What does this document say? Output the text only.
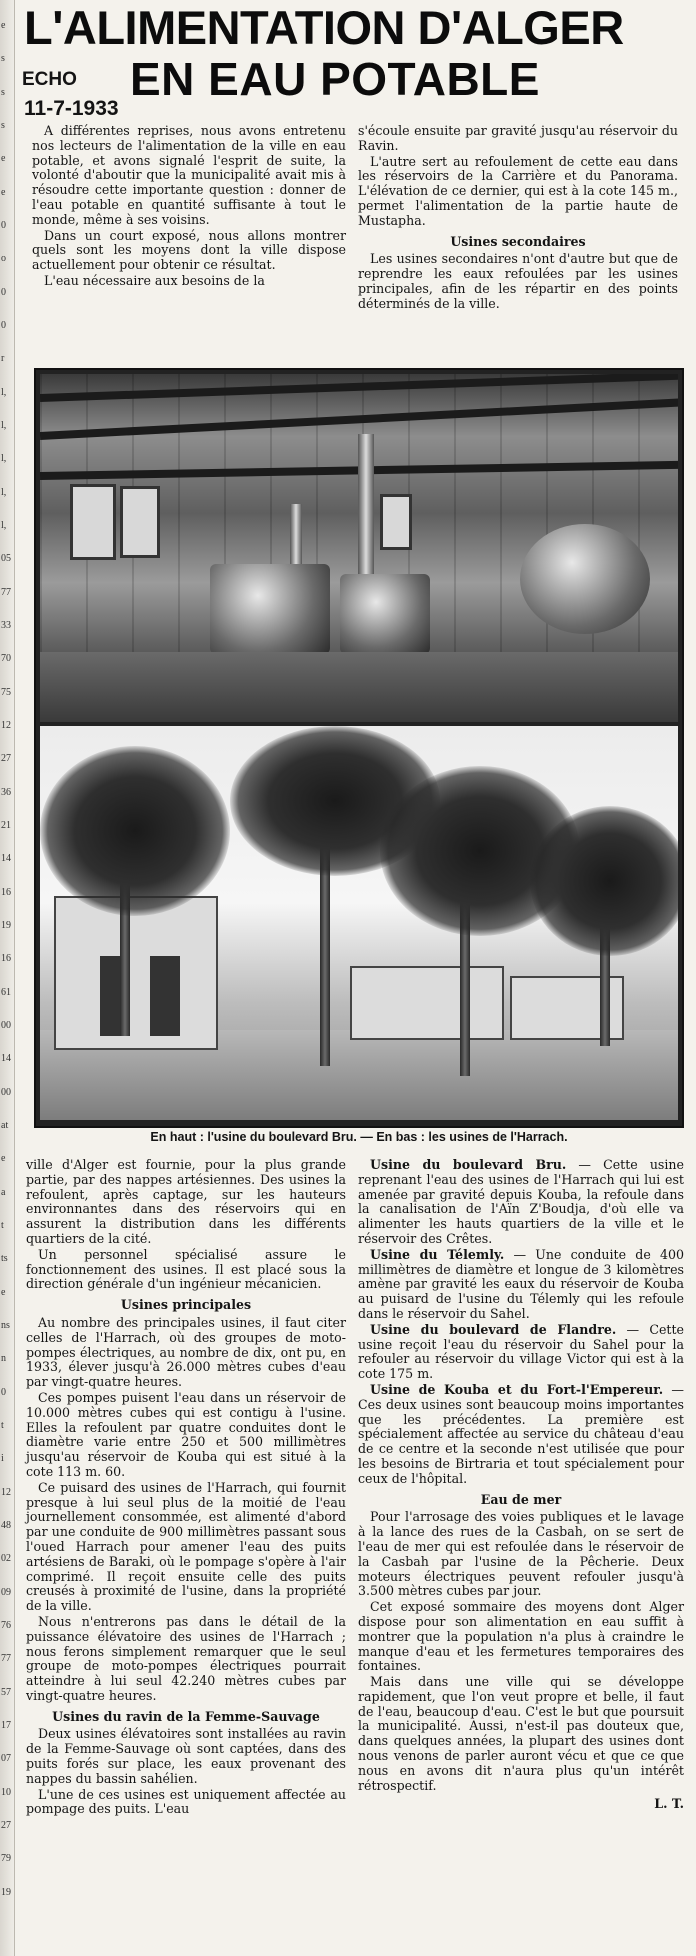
e
s
s
s
e
e
0
o
0
0
r
l,
l,
l,
l,
l,
05
77
33
70
75
12
27
36
21
14
16
19
16
61
00
14
00
at
e
a
t
ts
e
ns
n
0
t
i
12
48
02
09
76
77
57
17
07
10
27
79
19
L'ALIMENTATION D'ALGER
ECHO
11-7-1933
EN EAU POTABLE

A différentes reprises, nous avons entretenu nos lecteurs de l'alimentation de la ville en eau potable, et avons signalé l'esprit de suite, la volonté d'aboutir que la municipalité avait mis à résoudre cette importante question : donner de l'eau potable en quantité suffisante à tout le monde, même à ses voisins.

Dans un court exposé, nous allons montrer quels sont les moyens dont la ville dispose actuellement pour obtenir ce résultat.

L'eau nécessaire aux besoins de la

s'écoule ensuite par gravité jusqu'au réservoir du Ravin.

L'autre sert au refoulement de cette eau dans les réservoirs de la Carrière et du Panorama. L'élévation de ce dernier, qui est à la cote 145 m., permet l'alimentation de la partie haute de Mustapha.

Usines secondaires

Les usines secondaires n'ont d'autre but que de reprendre les eaux refoulées par les usines principales, afin de les répartir en des points déterminés de la ville.

En haut : l'usine du boulevard Bru. — En bas : les usines de l'Harrach.

ville d'Alger est fournie, pour la plus grande partie, par des nappes artésiennes. Des usines la refoulent, après captage, sur les hauteurs environnantes dans des réservoirs qui en assurent la distribution dans les différents quartiers de la cité.

Un personnel spécialisé assure le fonctionnement des usines. Il est placé sous la direction générale d'un ingénieur mécanicien.

Usines principales

Au nombre des principales usines, il faut citer celles de l'Harrach, où des groupes de moto-pompes électriques, au nombre de dix, ont pu, en 1933, élever jusqu'à 26.000 mètres cubes d'eau par vingt-quatre heures.

Ces pompes puisent l'eau dans un réservoir de 10.000 mètres cubes qui est contigu à l'usine. Elles la refoulent par quatre conduites dont le diamètre varie entre 250 et 500 millimètres jusqu'au réservoir de Kouba qui est situé à la cote 113 m. 60.

Ce puisard des usines de l'Harrach, qui fournit presque à lui seul plus de la moitié de l'eau journellement consommée, est alimenté d'abord par une conduite de 900 millimètres passant sous l'oued Harrach pour amener l'eau des puits artésiens de Baraki, où le pompage s'opère à l'air comprimé. Il reçoit ensuite celle des puits creusés à proximité de l'usine, dans la propriété de la ville.

Nous n'entrerons pas dans le détail de la puissance élévatoire des usines de l'Harrach ; nous ferons simplement remarquer que le seul groupe de moto-pompes électriques pourrait atteindre à lui seul 42.240 mètres cubes par vingt-quatre heures.

Usines du ravin de la Femme-Sauvage

Deux usines élévatoires sont installées au ravin de la Femme-Sauvage où sont captées, dans des puits forés sur place, les eaux provenant des nappes du bassin sahélien.

L'une de ces usines est uniquement affectée au pompage des puits. L'eau

Usine du boulevard Bru. — Cette usine reprenant l'eau des usines de l'Harrach qui lui est amenée par gravité depuis Kouba, la refoule dans la canalisation de l'Aïn Z'Boudja, d'où elle va alimenter les hauts quartiers de la ville et le réservoir des Crêtes.

Usine du Télemly. — Une conduite de 400 millimètres de diamètre et longue de 3 kilomètres amène par gravité les eaux du réservoir de Kouba au puisard de l'usine du Télemly qui les refoule dans le réservoir du Sahel.

Usine du boulevard de Flandre. — Cette usine reçoit l'eau du réservoir du Sahel pour la refouler au réservoir du village Victor qui est à la cote 175 m.

Usine de Kouba et du Fort-l'Empereur. — Ces deux usines sont beaucoup moins importantes que les précédentes. La première est spécialement affectée au service du château d'eau de ce centre et la seconde n'est utilisée que pour les besoins de Birtraria et tout spécialement pour ceux de l'hôpital.

Eau de mer

Pour l'arrosage des voies publiques et le lavage à la lance des rues de la Casbah, on se sert de l'eau de mer qui est refoulée dans le réservoir de la Casbah par l'usine de la Pêcherie. Deux moteurs électriques peuvent refouler jusqu'à 3.500 mètres cubes par jour.

Cet exposé sommaire des moyens dont Alger dispose pour son alimentation en eau suffit à montrer que la population n'a plus à craindre le manque d'eau et les fermetures temporaires des fontaines.

Mais dans une ville qui se développe rapidement, que l'on veut propre et belle, il faut de l'eau, beaucoup d'eau. C'est le but que poursuit la municipalité. Aussi, n'est-il pas douteux que, dans quelques années, la plupart des usines dont nous venons de parler auront vécu et que ce que nous en avons dit n'aura plus qu'un intérêt rétrospectif.

L. T.
